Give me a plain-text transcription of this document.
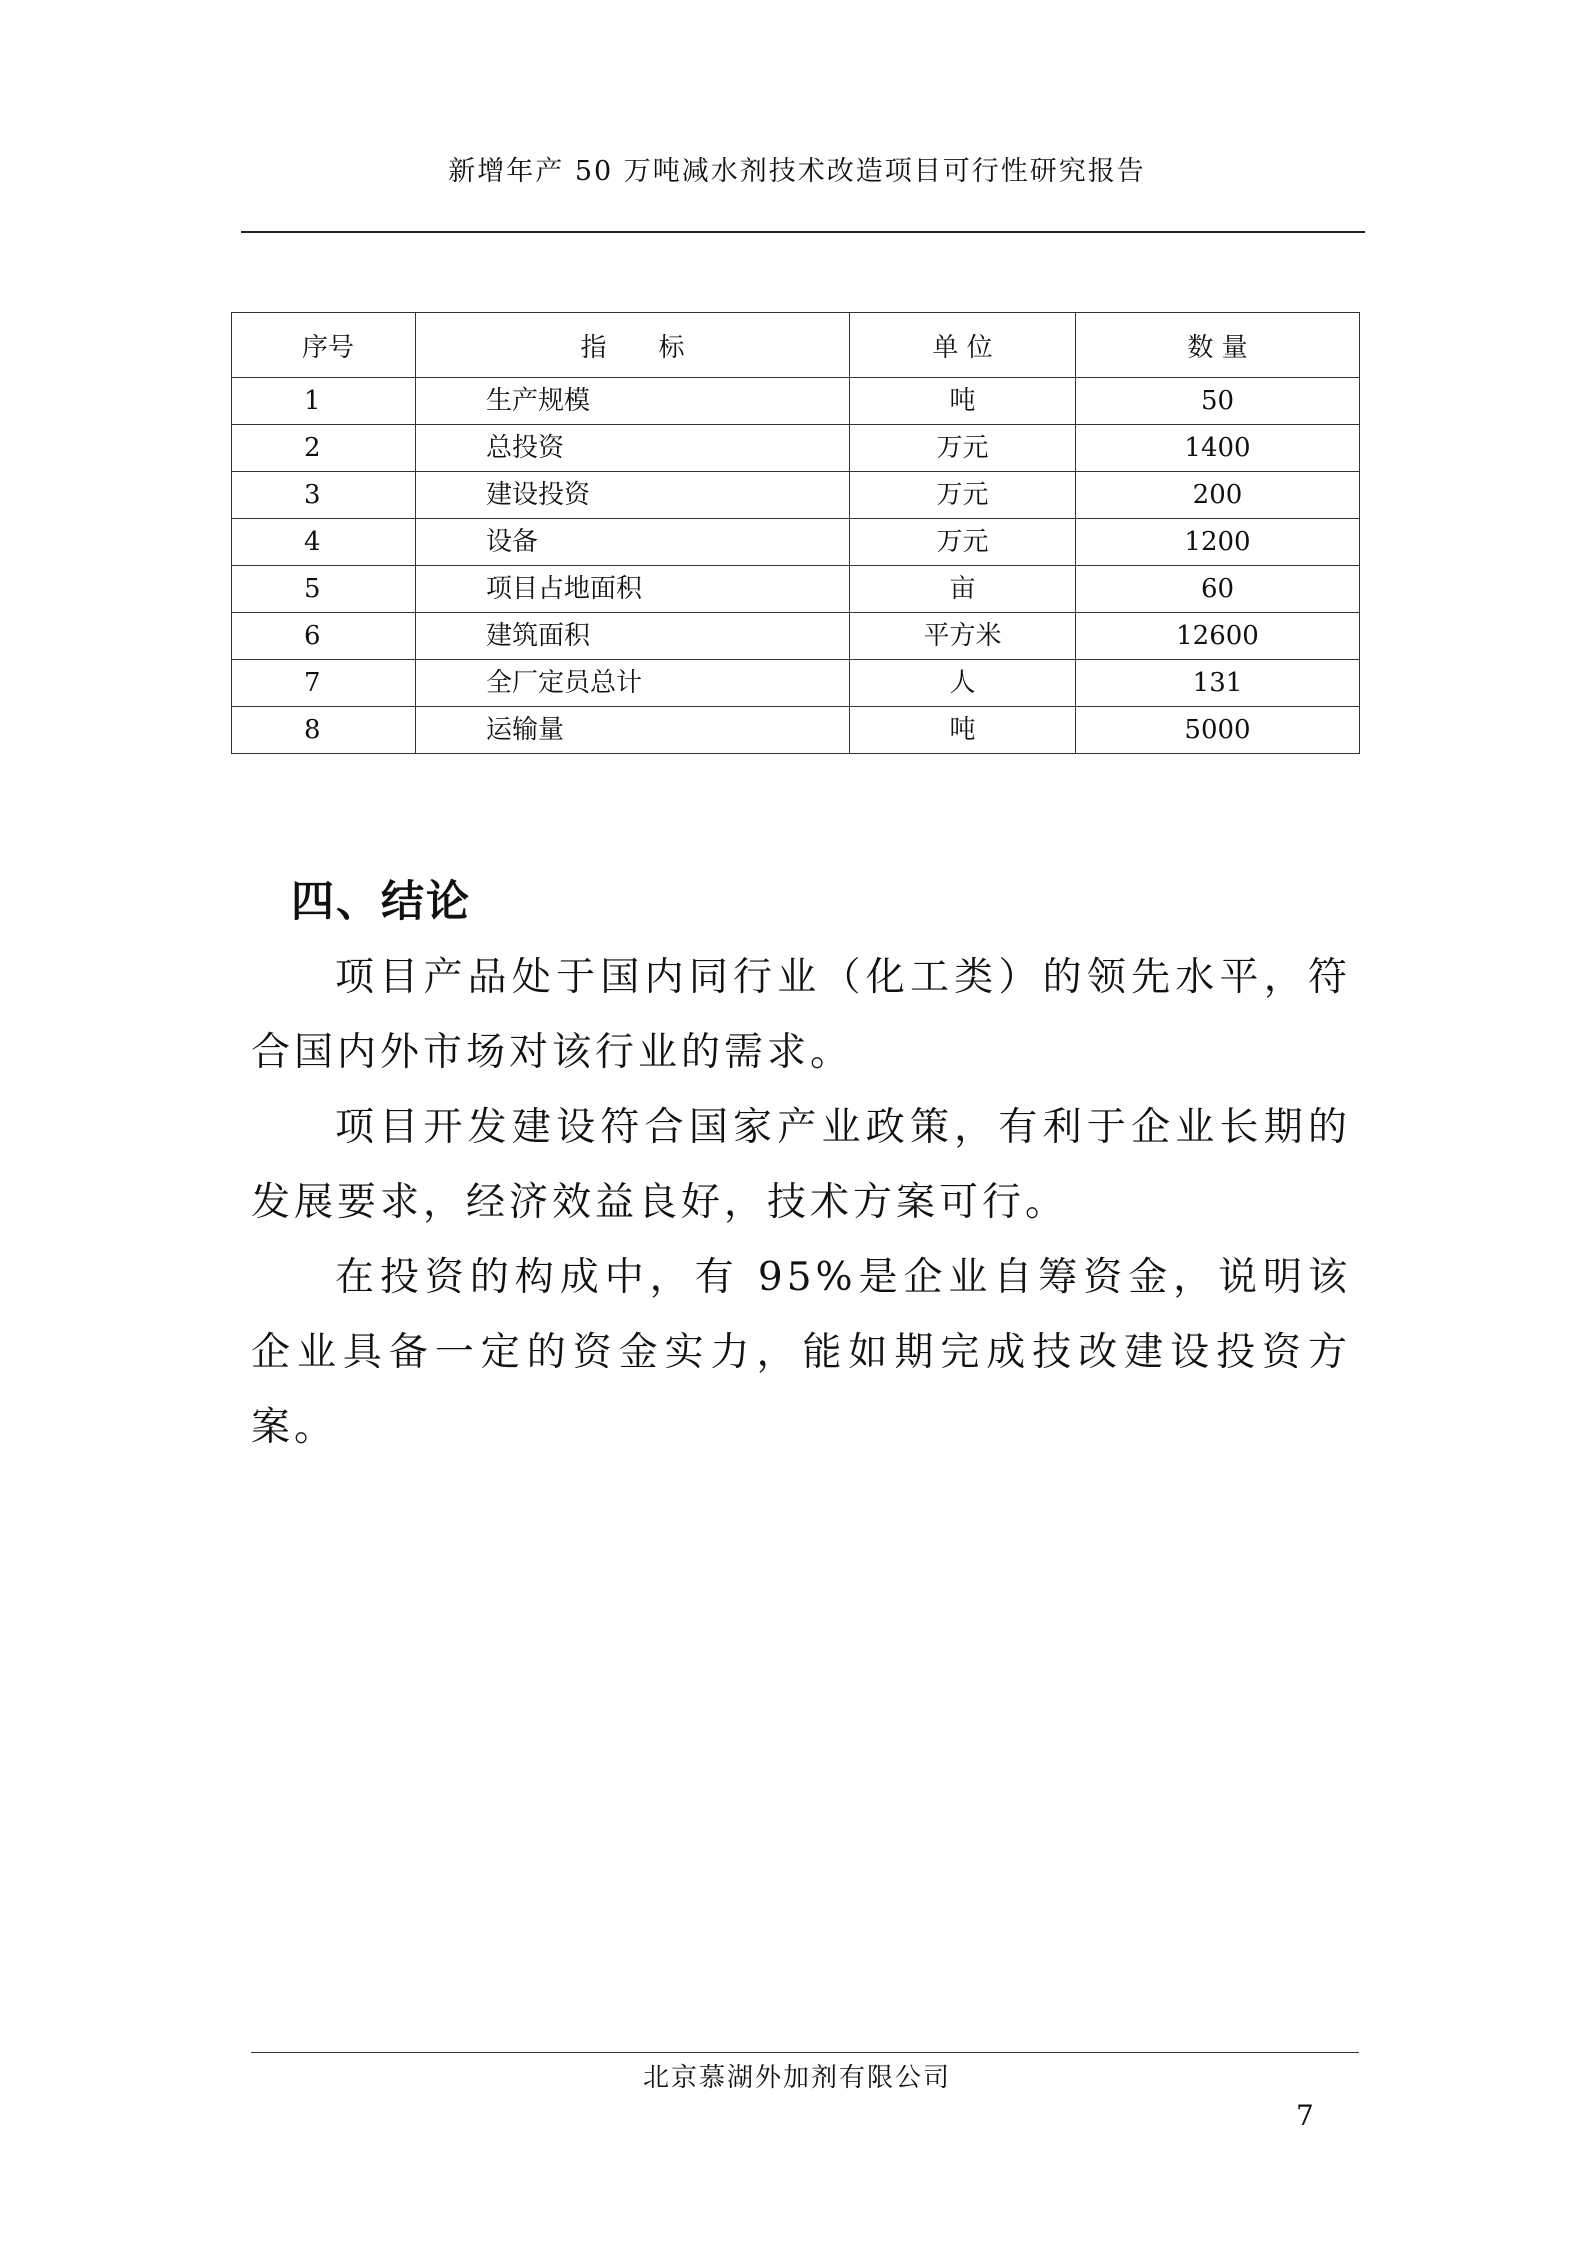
新增年产 50 万吨减水剂技术改造项目可行性研究报告
序号	指　　标	单 位	数 量
1	生产规模	吨	50
2	总投资	万元	1400
3	建设投资	万元	200
4	设备	万元	1200
5	项目占地面积	亩	60
6	建筑面积	平方米	12600
7	全厂定员总计	人	131
8	运输量	吨	5000
四、结论

项目产品处于国内同行业（化工类）的领先水平，符合国内外市场对该行业的需求。

项目开发建设符合国家产业政策，有利于企业长期的发展要求，经济效益良好，技术方案可行。

在投资的构成中，有 95%是企业自筹资金，说明该企业具备一定的资金实力，能如期完成技改建设投资方案。

北京慕湖外加剂有限公司
7
